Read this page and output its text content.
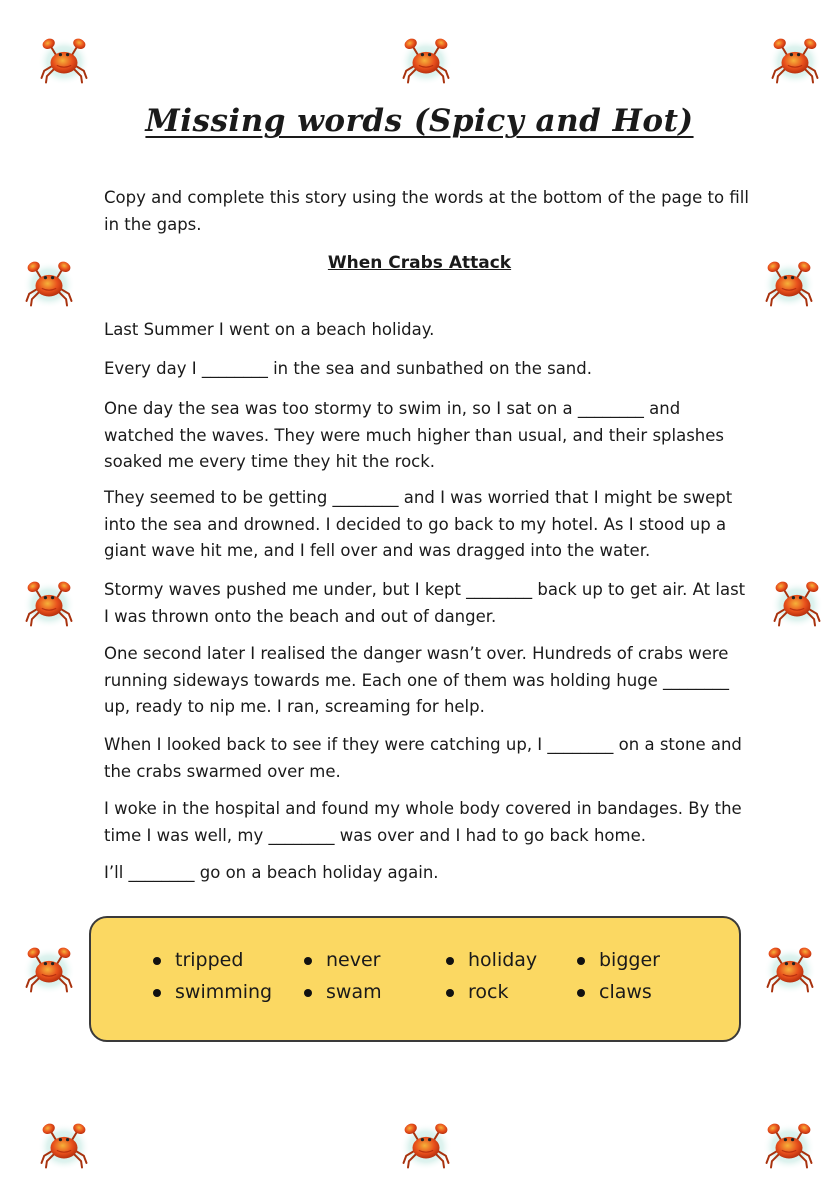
Missing words (Spicy and Hot)

Copy and complete this story using the words at the bottom of the page to fill in the gaps.

When Crabs Attack

Last Summer I went on a beach holiday.

Every day I ________ in the sea and sunbathed on the sand.

One day the sea was too stormy to swim in, so I sat on a ________ and watched the waves. They were much higher than usual, and their splashes soaked me every time they hit the rock.

They seemed to be getting ________ and I was worried that I might be swept into the sea and drowned. I decided to go back to my hotel. As I stood up a giant wave hit me, and I fell over and was dragged into the water.

Stormy waves pushed me under, but I kept ________ back up to get air. At last I was thrown onto the beach and out of danger.

One second later I realised the danger wasn’t over. Hundreds of crabs were running sideways towards me. Each one of them was holding huge ________ up, ready to nip me. I ran, screaming for help.

When I looked back to see if they were catching up, I ________ on a stone and the crabs swarmed over me.

I woke in the hospital and found my whole body covered in bandages. By the time I was well, my ________ was over and I had to go back home.

I’ll ________ go on a beach holiday again.

tripped
swimming
never
swam
holiday
rock
bigger
claws
